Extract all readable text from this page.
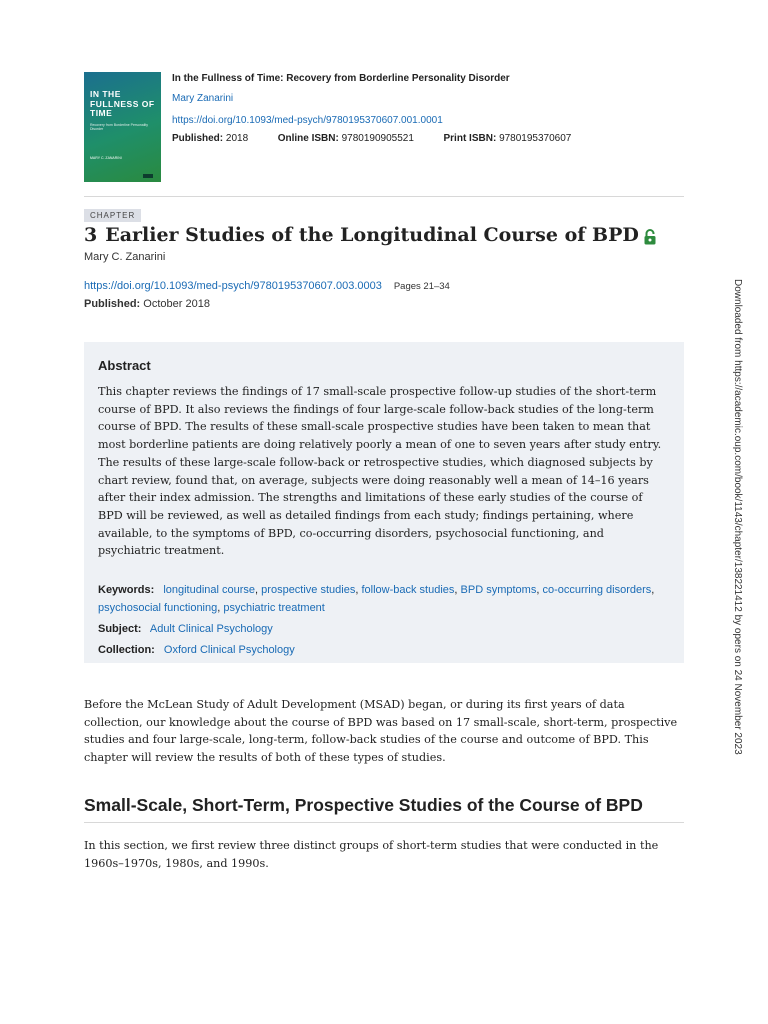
IN THE FULLNESS OF TIME
Recovery from Borderline Personality Disorder
MARY C. ZANARINI
In the Fullness of Time: Recovery from Borderline Personality Disorder
Mary Zanarini
https://doi.org/10.1093/med-psych/9780195370607.001.0001
Published: 2018	Online ISBN: 9780190905521	Print ISBN: 9780195370607
CHAPTER
3 Earlier Studies of the Longitudinal Course of BPD
Mary C. Zanarini
https://doi.org/10.1093/med-psych/9780195370607.003.0003 Pages 21–34
Published: October 2018
Abstract

This chapter reviews the findings of 17 small-scale prospective follow-up studies of the short-term course of BPD. It also reviews the findings of four large-scale follow-back studies of the long-term course of BPD. The results of these small-scale prospective studies have been taken to mean that most borderline patients are doing relatively poorly a mean of one to seven years after study entry. The results of these large-scale follow-back or retrospective studies, which diagnosed subjects by chart review, found that, on average, subjects were doing reasonably well a mean of 14–16 years after their index admission. The strengths and limitations of these early studies of the course of BPD will be reviewed, as well as detailed findings from each study; findings pertaining, where available, to the symptoms of BPD, co-occurring disorders, psychosocial functioning, and psychiatric treatment.

Keywords: longitudinal course, prospective studies, follow-back studies, BPD symptoms, co-occurring disorders, psychosocial functioning, psychiatric treatment
Subject: Adult Clinical Psychology
Collection: Oxford Clinical Psychology

Before the McLean Study of Adult Development (MSAD) began, or during its first years of data collection, our knowledge about the course of BPD was based on 17 small-scale, short-term, prospective studies and four large-scale, long-term, follow-back studies of the course and outcome of BPD. This chapter will review the results of both of these types of studies.

Small-Scale, Short-Term, Prospective Studies of the Course of BPD

In this section, we first review three distinct groups of short-term studies that were conducted in the 1960s–1970s, 1980s, and 1990s.

Downloaded from https://academic.oup.com/book/1143/chapter/138221412 by opers on 24 November 2023
